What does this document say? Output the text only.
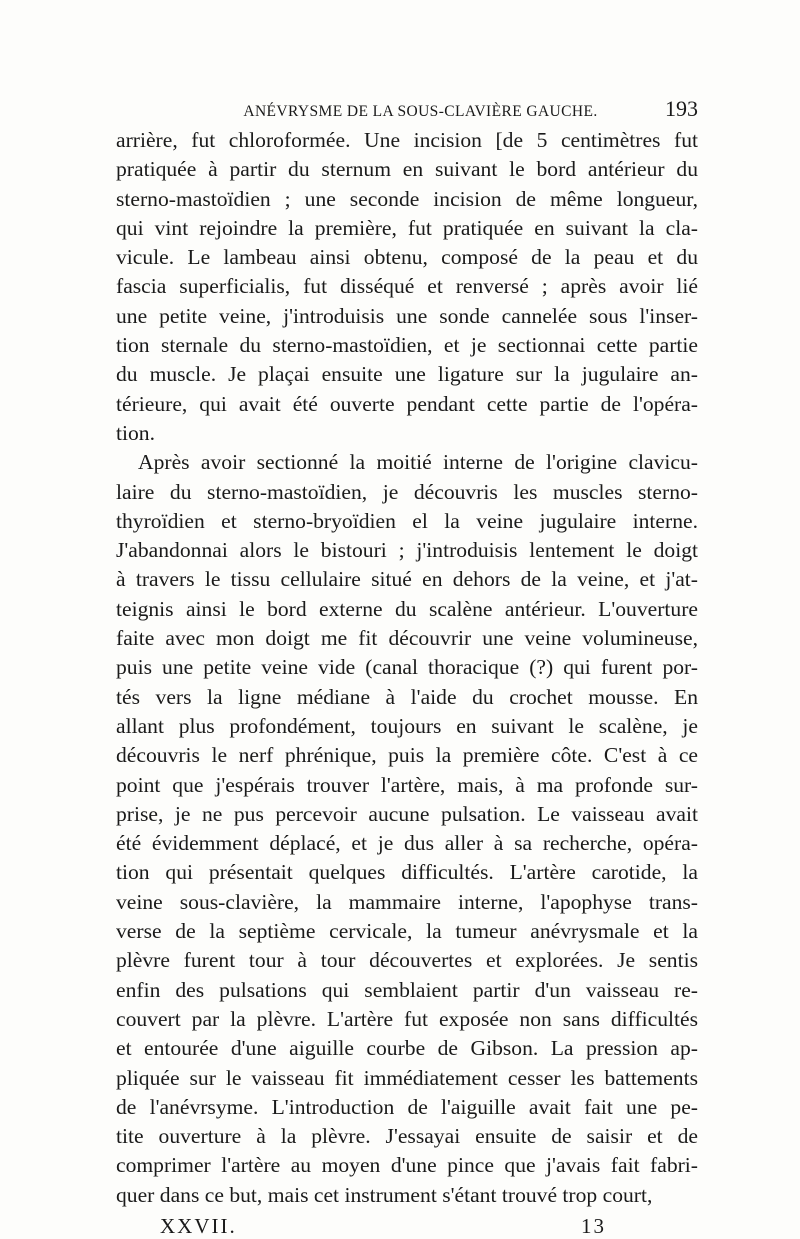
ANÉVRYSME DE LA SOUS-CLAVIÈRE GAUCHE.	193
arrière, fut chloroformée. Une incision [de 5 centimètres fut
pratiquée à partir du sternum en suivant le bord antérieur du
sterno-mastoïdien ; une seconde incision de même longueur,
qui vint rejoindre la première, fut pratiquée en suivant la cla-
vicule. Le lambeau ainsi obtenu, composé de la peau et du
fascia superficialis, fut disséqué et renversé ; après avoir lié
une petite veine, j'introduisis une sonde cannelée sous l'inser-
tion sternale du sterno-mastoïdien, et je sectionnai cette partie
du muscle. Je plaçai ensuite une ligature sur la jugulaire an-
térieure, qui avait été ouverte pendant cette partie de l'opéra-
tion.
Après avoir sectionné la moitié interne de l'origine clavicu-
laire du sterno-mastoïdien, je découvris les muscles sterno-
thyroïdien et sterno-bryoïdien el la veine jugulaire interne.
J'abandonnai alors le bistouri ; j'introduisis lentement le doigt
à travers le tissu cellulaire situé en dehors de la veine, et j'at-
teignis ainsi le bord externe du scalène antérieur. L'ouverture
faite avec mon doigt me fit découvrir une veine volumineuse,
puis une petite veine vide (canal thoracique (?) qui furent por-
tés vers la ligne médiane à l'aide du crochet mousse. En
allant plus profondément, toujours en suivant le scalène, je
découvris le nerf phrénique, puis la première côte. C'est à ce
point que j'espérais trouver l'artère, mais, à ma profonde sur-
prise, je ne pus percevoir aucune pulsation. Le vaisseau avait
été évidemment déplacé, et je dus aller à sa recherche, opéra-
tion qui présentait quelques difficultés. L'artère carotide, la
veine sous-clavière, la mammaire interne, l'apophyse trans-
verse de la septième cervicale, la tumeur anévrysmale et la
plèvre furent tour à tour découvertes et explorées. Je sentis
enfin des pulsations qui semblaient partir d'un vaisseau re-
couvert par la plèvre. L'artère fut exposée non sans difficultés
et entourée d'une aiguille courbe de Gibson. La pression ap-
pliquée sur le vaisseau fit immédiatement cesser les battements
de l'anévrsyme. L'introduction de l'aiguille avait fait une pe-
tite ouverture à la plèvre. J'essayai ensuite de saisir et de
comprimer l'artère au moyen d'une pince que j'avais fait fabri-
quer dans ce but, mais cet instrument s'étant trouvé trop court,
XXVII.	13
